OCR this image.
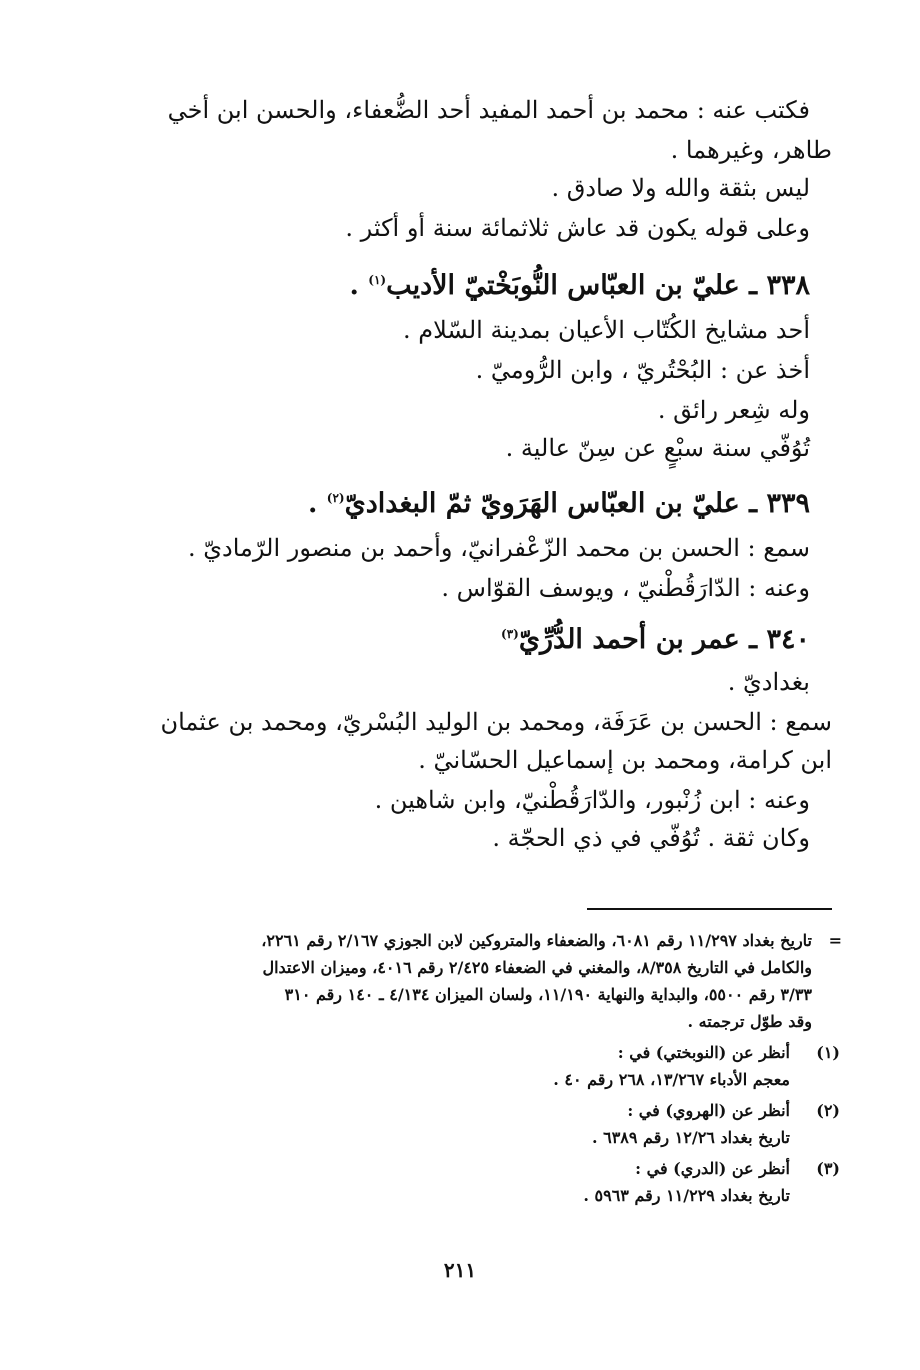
فكتب عنه : محمد بن أحمد المفيد أحد الضُّعفاء، والحسن ابن أخي
طاهر، وغيرهما .
ليس بثقة والله ولا صادق .
وعلى قوله يكون قد عاش ثلاثمائة سنة أو أكثر .
٣٣٨ ـ عليّ بن العبّاس النُّوبَخْتيّ الأديب$^{(١)}$ .
أحد مشايخ الكُتّاب الأعيان بمدينة السّلام .
أخذ عن : البُحْتُريّ ، وابن الرُّوميّ .
وله شِعر رائق .
تُوُفّي سنة سبْعٍ عن سِنّ عالية .
٣٣٩ ـ عليّ بن العبّاس الهَرَويّ ثمّ البغداديّ$^{(٢)}$ .
سمع : الحسن بن محمد الزّعْفرانيّ، وأحمد بن منصور الرّماديّ .
وعنه : الدّارَقُطْنيّ ، ويوسف القوّاس .
٣٤٠ ـ عمر بن أحمد الدُّرِّيّ$^{(٣)}$
بغداديّ .
سمع : الحسن بن عَرَفَة، ومحمد بن الوليد البُسْريّ، ومحمد بن عثمان
ابن كرامة، ومحمد بن إسماعيل الحسّانيّ .
وعنه : ابن زُنْبور، والدّارَقُطْنيّ، وابن شاهين .
وكان ثقة . تُوُفّي في ذي الحجّة .
=
تاريخ بغداد ١١/٢٩٧ رقم ٦٠٨١، والضعفاء والمتروكين لابن الجوزي ٢/١٦٧ رقم ٢٢٦١،
والكامل في التاريخ ٨/٣٥٨، والمغني في الضعفاء ٢/٤٢٥ رقم ٤٠١٦، وميزان الاعتدال
٣/٣٣ رقم ٥٥٠٠، والبداية والنهاية ١١/١٩٠، ولسان الميزان ٤/١٣٤ ـ ١٤٠ رقم ٣١٠
وقد طوّل ترجمته .
(١)
أنظر عن (النوبختي) في :
معجم الأدباء ١٣/٢٦٧، ٢٦٨ رقم ٤٠ .
(٢)
أنظر عن (الهروي) في :
تاريخ بغداد ١٢/٢٦ رقم ٦٣٨٩ .
(٣)
أنظر عن (الدري) في :
تاريخ بغداد ١١/٢٢٩ رقم ٥٩٦٣ .
٢١١
